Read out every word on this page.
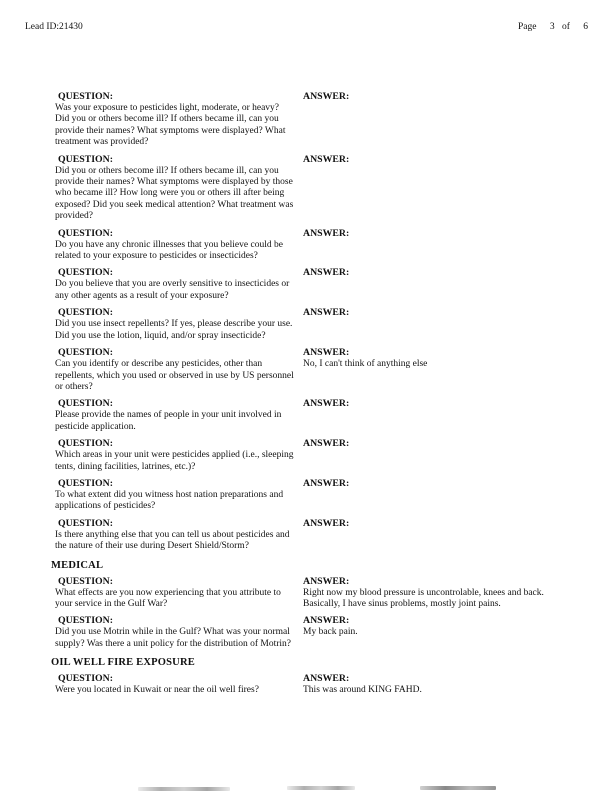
Lead ID:21430	Page 3 of 6
QUESTION:
Was your exposure to pesticides light, moderate, or heavy? Did you or others become ill? If others became ill, can you provide their names? What symptoms were displayed? What treatment was provided?
ANSWER:
QUESTION:
Did you or others become ill? If others became ill, can you provide their names? What symptoms were displayed by those who became ill? How long were you or others ill after being exposed? Did you seek medical attention? What treatment was provided?
ANSWER:
QUESTION:
Do you have any chronic illnesses that you believe could be related to your exposure to pesticides or insecticides?
ANSWER:
QUESTION:
Do you believe that you are overly sensitive to insecticides or any other agents as a result of your exposure?
ANSWER:
QUESTION:
Did you use insect repellents? If yes, please describe your use. Did you use the lotion, liquid, and/or spray insecticide?
ANSWER:
QUESTION:
Can you identify or describe any pesticides, other than repellents, which you used or observed in use by US personnel or others?
ANSWER:
No, I can't think of anything else
QUESTION:
Please provide the names of people in your unit involved in pesticide application.
ANSWER:
QUESTION:
Which areas in your unit were pesticides applied (i.e., sleeping tents, dining facilities, latrines, etc.)?
ANSWER:
QUESTION:
To what extent did you witness host nation preparations and applications of pesticides?
ANSWER:
QUESTION:
Is there anything else that you can tell us about pesticides and the nature of their use during Desert Shield/Storm?
ANSWER:
MEDICAL
QUESTION:
What effects are you now experiencing that you attribute to your service in the Gulf War?
ANSWER:
Right now my blood pressure is uncontrolable, knees and back. Basically, I have sinus problems, mostly joint pains.
QUESTION:
Did you use Motrin while in the Gulf? What was your normal supply? Was there a unit policy for the distribution of Motrin?
ANSWER:
My back pain.
OIL WELL FIRE EXPOSURE
QUESTION:
Were you located in Kuwait or near the oil well fires?
ANSWER:
This was around KING FAHD.
